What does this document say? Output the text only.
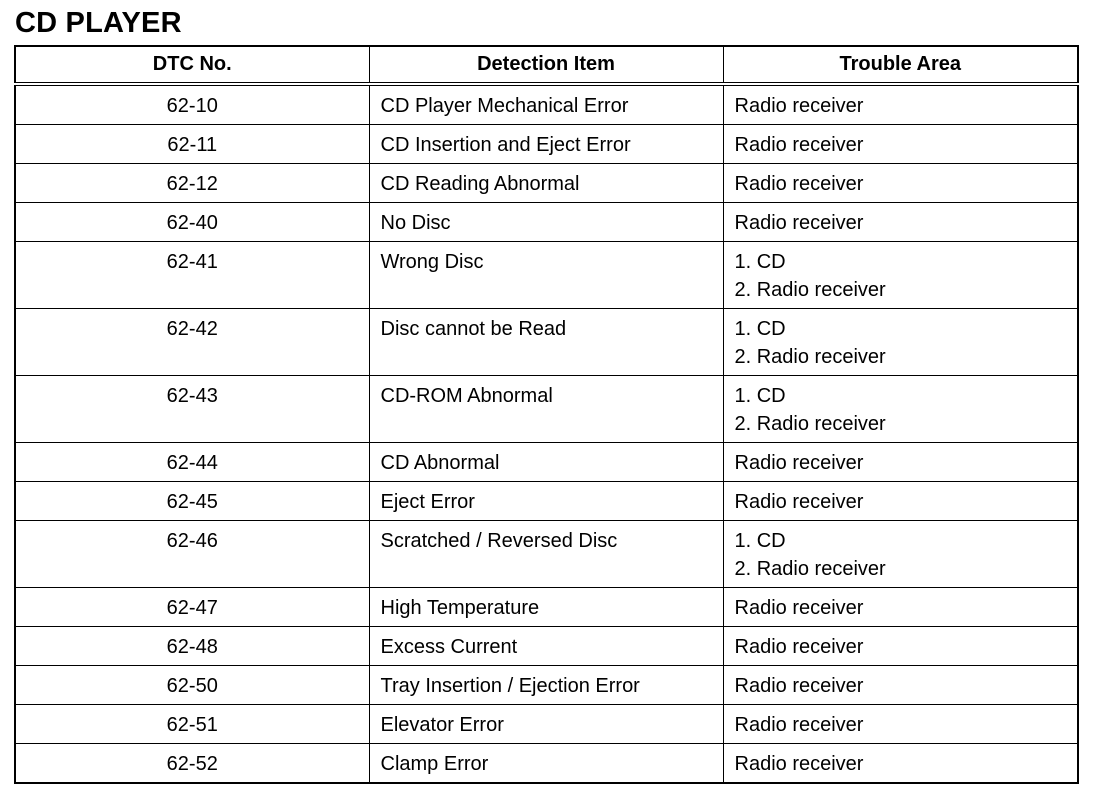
CD PLAYER
DTC No.	Detection Item	Trouble Area
62-10	CD Player Mechanical Error	Radio receiver

62-11	CD Insertion and Eject Error	Radio receiver

62-12	CD Reading Abnormal	Radio receiver

62-40	No Disc	Radio receiver

62-41	Wrong Disc	1. CD
2. Radio receiver

62-42	Disc cannot be Read	1. CD
2. Radio receiver

62-43	CD-ROM Abnormal	1. CD
2. Radio receiver

62-44	CD Abnormal	Radio receiver

62-45	Eject Error	Radio receiver

62-46	Scratched / Reversed Disc	1. CD
2. Radio receiver

62-47	High Temperature	Radio receiver

62-48	Excess Current	Radio receiver

62-50	Tray Insertion / Ejection Error	Radio receiver

62-51	Elevator Error	Radio receiver

62-52	Clamp Error	Radio receiver
